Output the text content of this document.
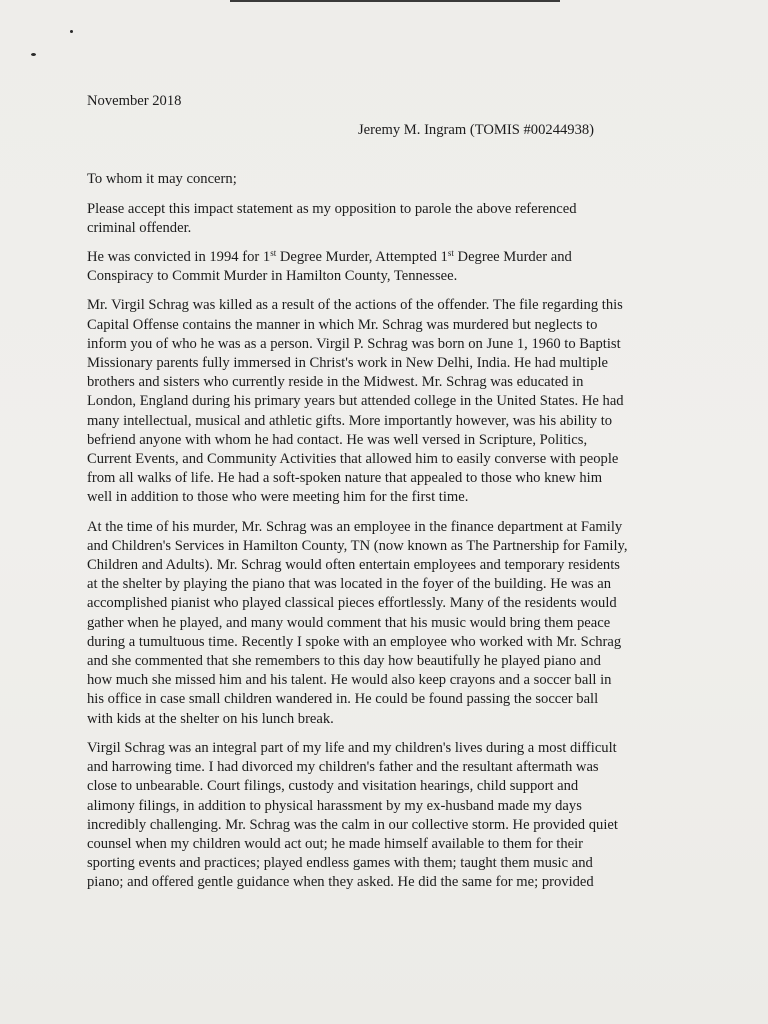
November 2018
Jeremy M. Ingram (TOMIS #00244938)
To whom it may concern;
Please accept this impact statement as my opposition to parole the above referenced
criminal offender.
He was convicted in 1994 for 1st Degree Murder, Attempted 1st Degree Murder and
Conspiracy to Commit Murder in Hamilton County, Tennessee.
Mr. Virgil Schrag was killed as a result of the actions of the offender. The file regarding this
Capital Offense contains the manner in which Mr. Schrag was murdered but neglects to
inform you of who he was as a person. Virgil P. Schrag was born on June 1, 1960 to Baptist
Missionary parents fully immersed in Christ's work in New Delhi, India. He had multiple
brothers and sisters who currently reside in the Midwest. Mr. Schrag was educated in
London, England during his primary years but attended college in the United States. He had
many intellectual, musical and athletic gifts. More importantly however, was his ability to
befriend anyone with whom he had contact. He was well versed in Scripture, Politics,
Current Events, and Community Activities that allowed him to easily converse with people
from all walks of life. He had a soft-spoken nature that appealed to those who knew him
well in addition to those who were meeting him for the first time.
At the time of his murder, Mr. Schrag was an employee in the finance department at Family
and Children's Services in Hamilton County, TN (now known as The Partnership for Family,
Children and Adults). Mr. Schrag would often entertain employees and temporary residents
at the shelter by playing the piano that was located in the foyer of the building. He was an
accomplished pianist who played classical pieces effortlessly. Many of the residents would
gather when he played, and many would comment that his music would bring them peace
during a tumultuous time. Recently I spoke with an employee who worked with Mr. Schrag
and she commented that she remembers to this day how beautifully he played piano and
how much she missed him and his talent. He would also keep crayons and a soccer ball in
his office in case small children wandered in. He could be found passing the soccer ball
with kids at the shelter on his lunch break.
Virgil Schrag was an integral part of my life and my children's lives during a most difficult
and harrowing time. I had divorced my children's father and the resultant aftermath was
close to unbearable. Court filings, custody and visitation hearings, child support and
alimony filings, in addition to physical harassment by my ex-husband made my days
incredibly challenging. Mr. Schrag was the calm in our collective storm. He provided quiet
counsel when my children would act out; he made himself available to them for their
sporting events and practices; played endless games with them; taught them music and
piano; and offered gentle guidance when they asked. He did the same for me; provided
